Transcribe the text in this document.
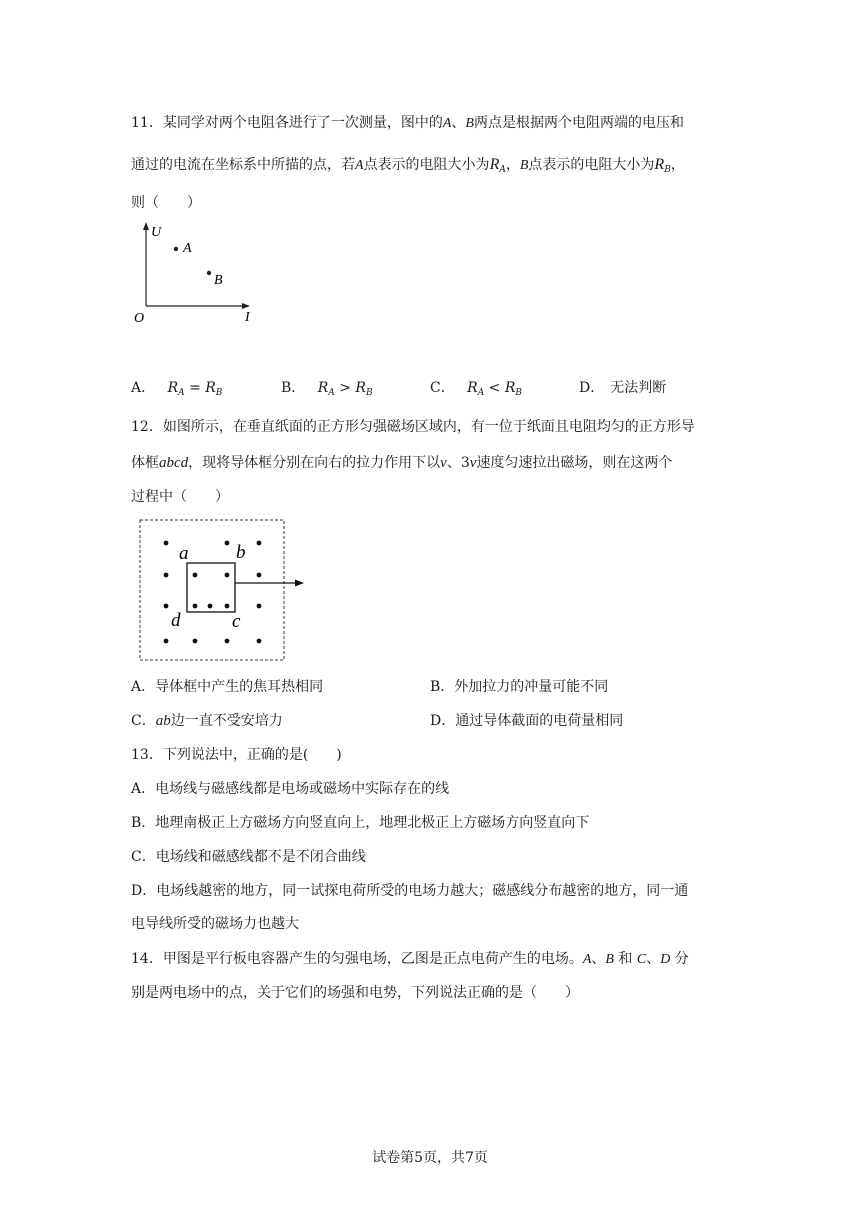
11．某同学对两个电阻各进行了一次测量，图中的A、B两点是根据两个电阻两端的电压和
通过的电流在坐标系中所描的点，若A点表示的电阻大小为$R_A$，B点表示的电阻大小为$R_B$，
则（　　）
U
I
O
A
B
A． $R_A = R_B$	B． $R_A > R_B$	C． $R_A < R_B$	D． 无法判断
12．如图所示，在垂直纸面的正方形匀强磁场区域内，有一位于纸面且电阻均匀的正方形导
体框abcd，现将导体框分别在向右的拉力作用下以v、3v速度匀速拉出磁场，则在这两个
过程中（　　）
a	b
c
d
A．导体框中产生的焦耳热相同	B．外加拉力的冲量可能不同
C．ab边一直不受安培力	D．通过导体截面的电荷量相同
13．下列说法中，正确的是(　　)
A．电场线与磁感线都是电场或磁场中实际存在的线
B．地理南极正上方磁场方向竖直向上，地理北极正上方磁场方向竖直向下
C．电场线和磁感线都不是不闭合曲线
D．电场线越密的地方，同一试探电荷所受的电场力越大；磁感线分布越密的地方，同一通
电导线所受的磁场力也越大
14．甲图是平行板电容器产生的匀强电场，乙图是正点电荷产生的电场。A、B 和 C、D 分
别是两电场中的点，关于它们的场强和电势，下列说法正确的是（　　）
试卷第5页，共7页
